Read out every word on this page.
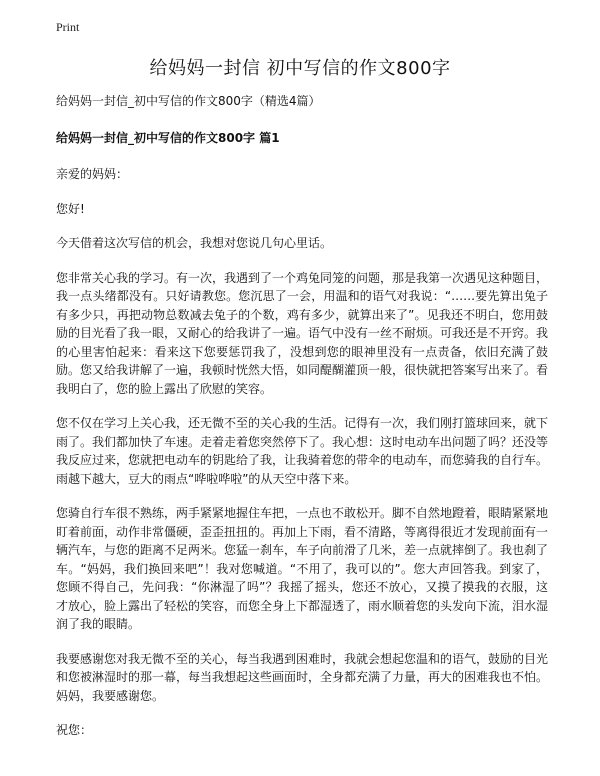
Print
给妈妈一封信 初中写信的作文800字

给妈妈一封信_初中写信的作文800字（精选4篇）

给妈妈一封信_初中写信的作文800字 篇1

亲爱的妈妈：

您好!

今天借着这次写信的机会，我想对您说几句心里话。

您非常关心我的学习。有一次，我遇到了一个鸡兔同笼的问题，那是我第一次遇见这种题目，我一点头绪都没有。只好请教您。您沉思了一会，用温和的语气对我说：“……要先算出兔子有多少只，再把动物总数减去兔子的个数，鸡有多少，就算出来了”。见我还不明白，您用鼓励的目光看了我一眼，又耐心的给我讲了一遍。语气中没有一丝不耐烦。可我还是不开窍。我的心里害怕起来：看来这下您要惩罚我了，没想到您的眼神里没有一点责备，依旧充满了鼓励。您又给我讲解了一遍，我顿时恍然大悟，如同醍醐灌顶一般，很快就把答案写出来了。看我明白了，您的脸上露出了欣慰的笑容。

您不仅在学习上关心我，还无微不至的关心我的生活。记得有一次，我们刚打篮球回来，就下雨了。我们都加快了车速。走着走着您突然停下了。我心想：这时电动车出问题了吗？还没等我反应过来，您就把电动车的钥匙给了我，让我骑着您的带伞的电动车，而您骑我的自行车。雨越下越大，豆大的雨点“哗啦哗啦”的从天空中落下来。

您骑自行车很不熟练，两手紧紧地握住车把，一点也不敢松开。脚不自然地蹬着，眼睛紧紧地盯着前面，动作非常僵硬，歪歪扭扭的。再加上下雨，看不清路，等离得很近才发现前面有一辆汽车，与您的距离不足两米。您猛一刹车，车子向前滑了几米，差一点就摔倒了。我也刹了车。“妈妈，我们换回来吧”！我对您喊道。“不用了，我可以的”。您大声回答我。到家了，您顾不得自己，先问我：“你淋湿了吗”？我摇了摇头，您还不放心，又摸了摸我的衣服，这才放心，脸上露出了轻松的笑容，而您全身上下都湿透了，雨水顺着您的头发向下流，泪水湿润了我的眼睛。

我要感谢您对我无微不至的关心，每当我遇到困难时，我就会想起您温和的语气，鼓励的目光和您被淋湿时的那一幕，每当我想起这些画面时，全身都充满了力量，再大的困难我也不怕。妈妈，我要感谢您。

祝您：
